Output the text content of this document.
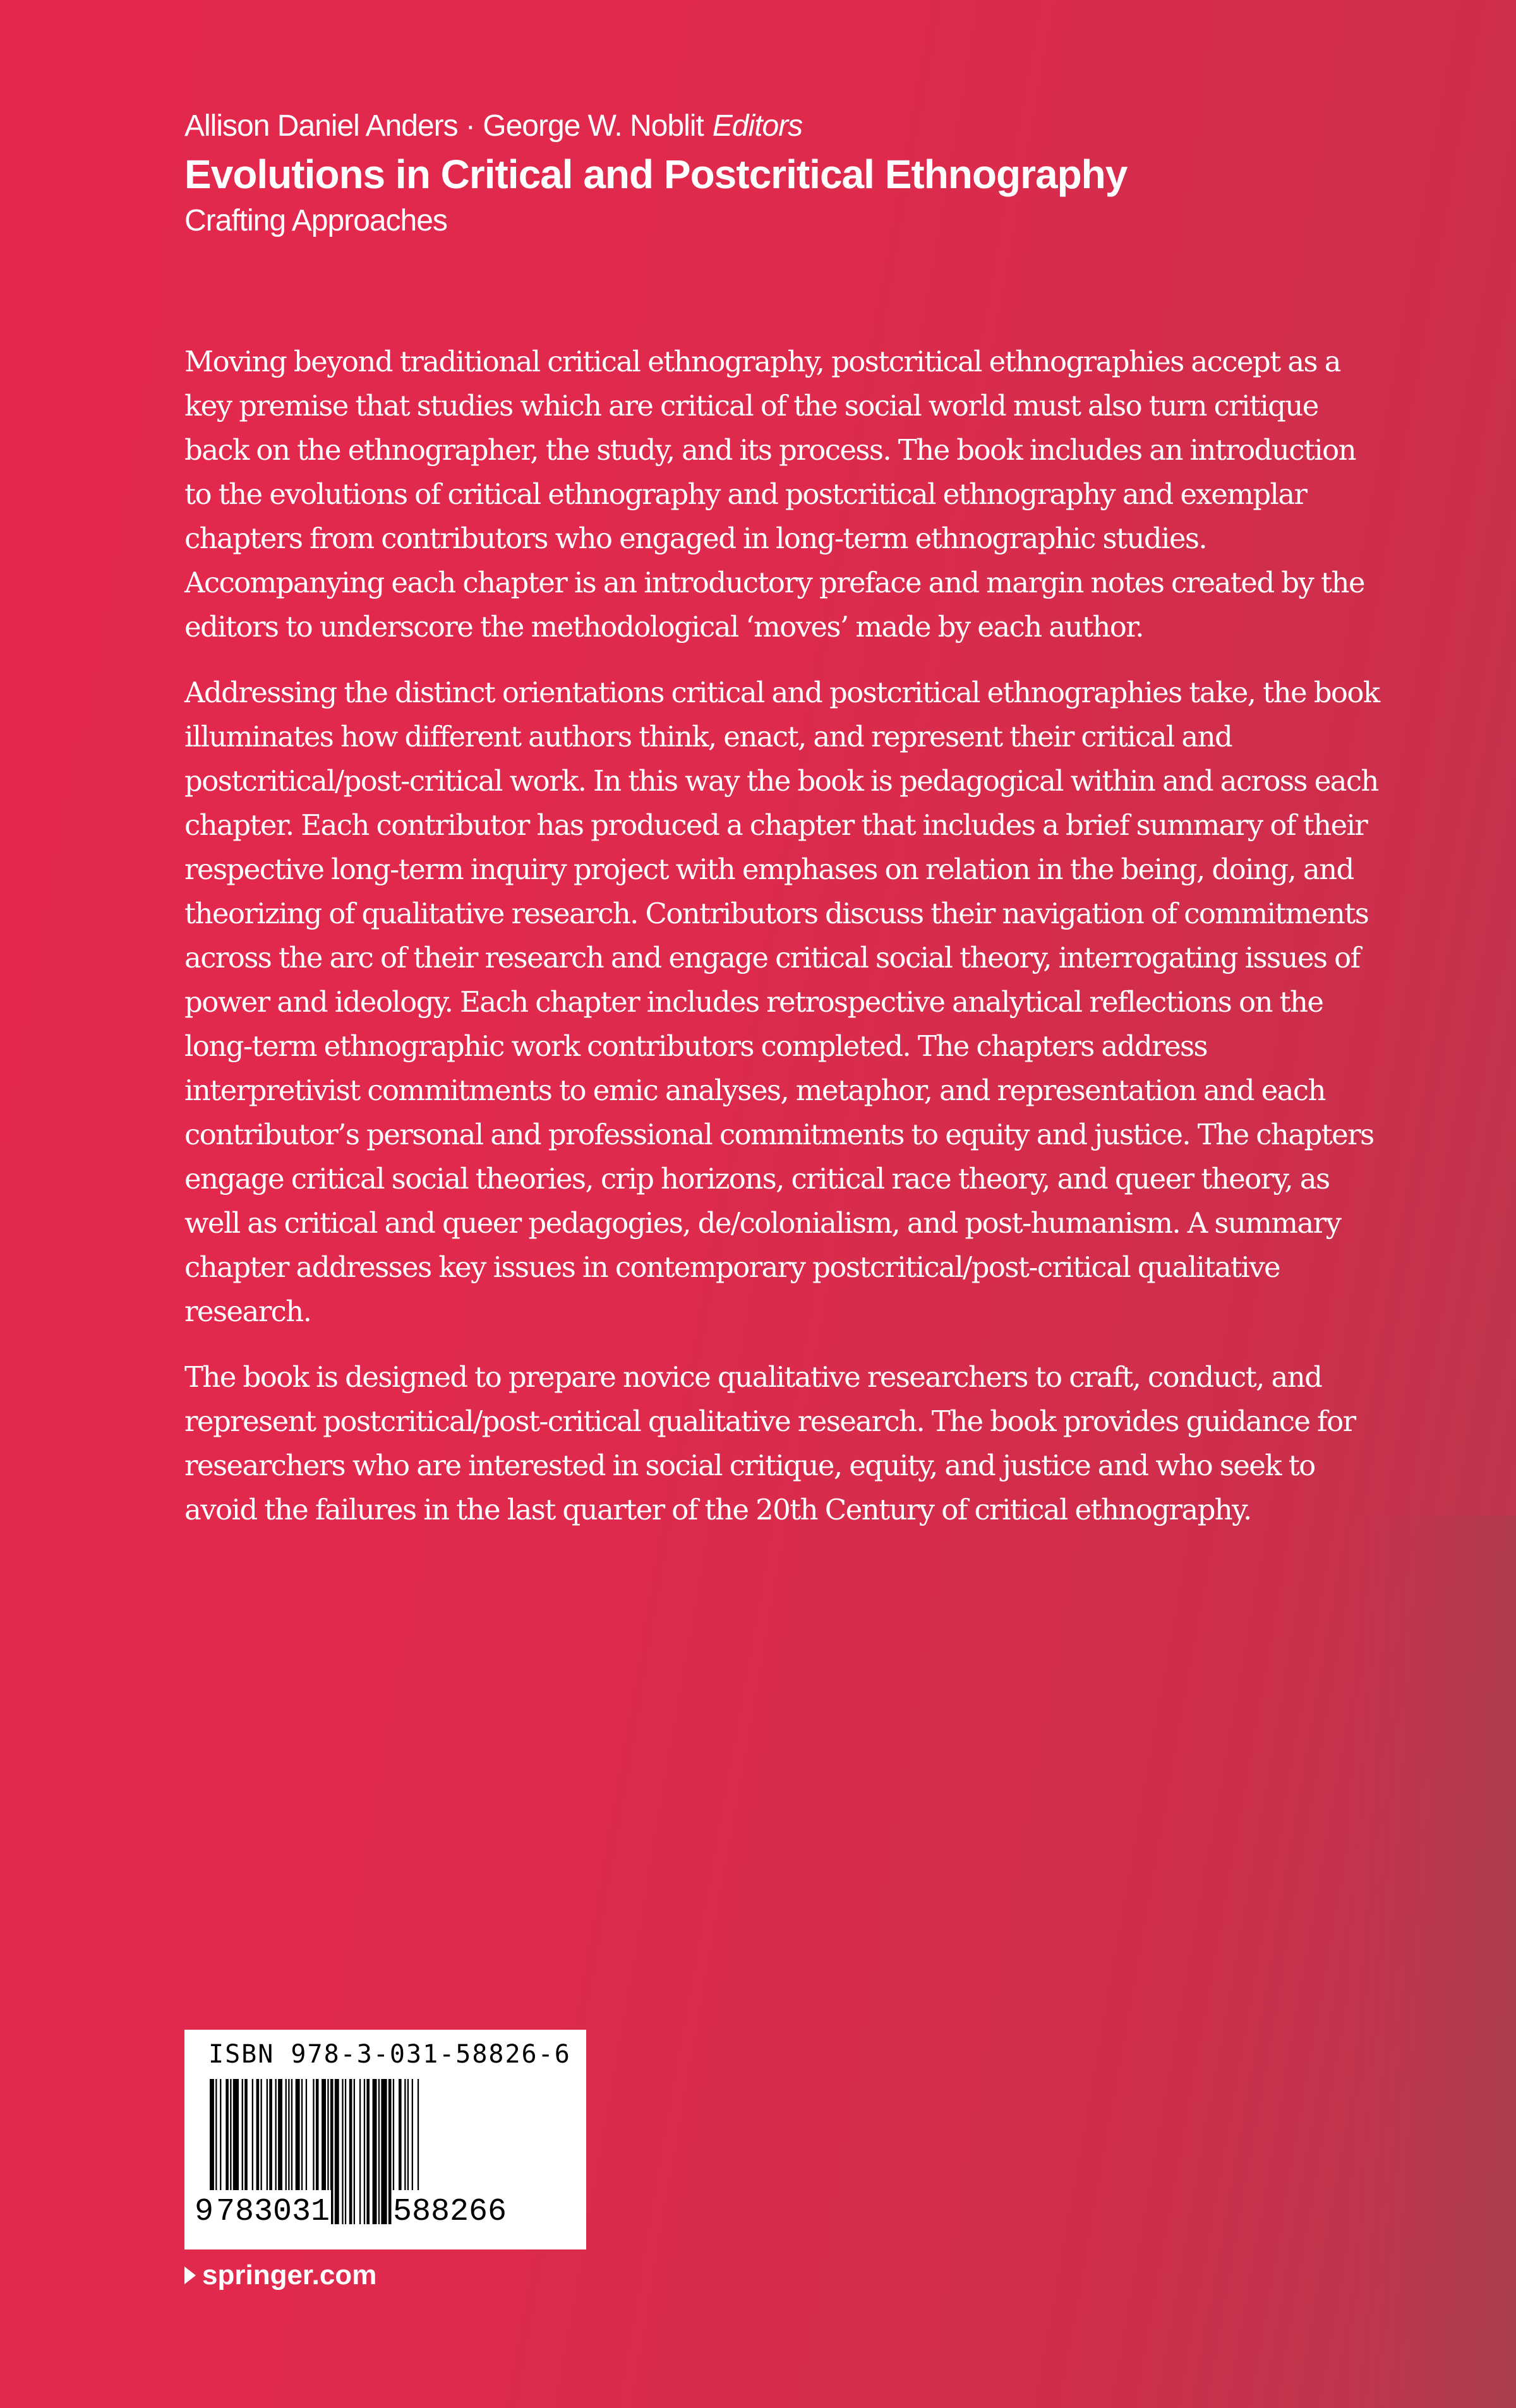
Allison Daniel Anders · George W. Noblit Editors
Evolutions in Critical and Postcritical Ethnography
Crafting Approaches

Moving beyond traditional critical ethnography, postcritical ethnographies accept as a key premise that studies which are critical of the social world must also turn critique back on the ethnographer, the study, and its process. The book includes an introduction to the evolutions of critical ethnography and postcritical ethnography and exemplar chapters from contributors who engaged in long-term ethnographic studies. Accompanying each chapter is an introductory preface and margin notes created by the editors to underscore the methodological ‘moves’ made by each author.

Addressing the distinct orientations critical and postcritical ethnographies take, the book illuminates how different authors think, enact, and represent their critical and postcritical/post-critical work. In this way the book is pedagogical within and across each chapter. Each contributor has produced a chapter that includes a brief summary of their respective long-term inquiry project with emphases on relation in the being, doing, and theorizing of qualitative research. Contributors discuss their navigation of commitments across the arc of their research and engage critical social theory, interrogating issues of power and ideology. Each chapter includes retrospective analytical reflections on the long-term ethnographic work contributors completed. The chapters address interpretivist commitments to emic analyses, metaphor, and representation and each contributor’s personal and professional commitments to equity and justice. The chapters engage critical social theories, crip horizons, critical race theory, and queer theory, as well as critical and queer pedagogies, de/colonialism, and post-humanism. A summary chapter addresses key issues in contemporary postcritical/post-critical qualitative research.

The book is designed to prepare novice qualitative researchers to craft, conduct, and represent postcritical/post-critical qualitative research. The book provides guidance for researchers who are interested in social critique, equity, and justice and who seek to avoid the failures in the last quarter of the 20th Century of critical ethnography.

ISBN 978-3-031-58826-6
9 783031 588266
springer.com
